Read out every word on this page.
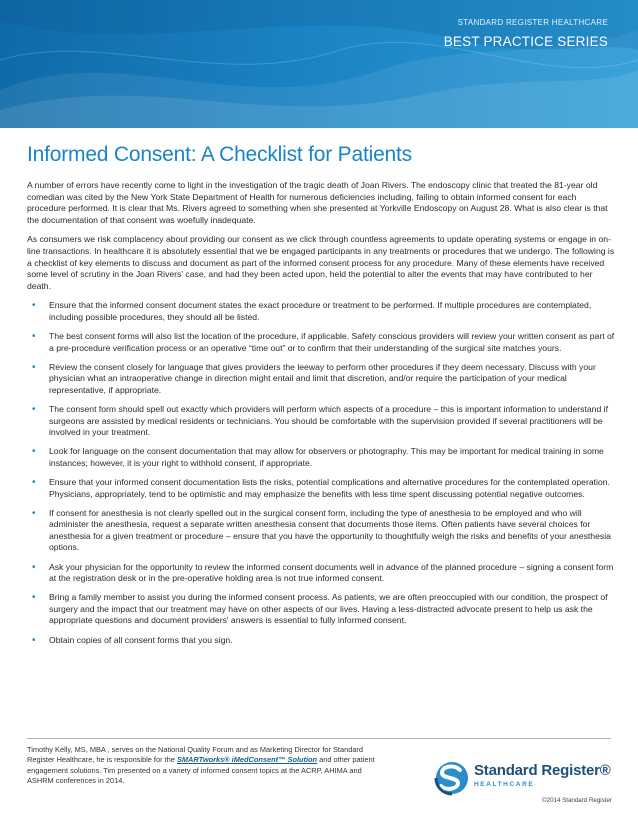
STANDARD REGISTER HEALTHCARE
BEST PRACTICE SERIES
Informed Consent: A Checklist for Patients

A number of errors have recently come to light in the investigation of the tragic death of Joan Rivers. The endoscopy clinic that treated the 81-year old comedian was cited by the New York State Department of Health for numerous deficiencies including, failing to obtain informed consent for each procedure performed. It is clear that Ms. Rivers agreed to something when she presented at Yorkville Endoscopy on August 28. What is also clear is that the documentation of that consent was woefully inadequate.

As consumers we risk complacency about providing our consent as we click through countless agreements to update operating systems or engage in on-line transactions. In healthcare it is absolutely essential that we be engaged participants in any treatments or procedures that we undergo. The following is a checklist of key elements to discuss and document as part of the informed consent process for any procedure. Many of these elements have received some level of scrutiny in the Joan Rivers' case, and had they been acted upon, held the potential to alter the events that may have contributed to her death.

• Ensure that the informed consent document states the exact procedure or treatment to be performed. If multiple procedures are contemplated, including possible procedures, they should all be listed.
• The best consent forms will also list the location of the procedure, if applicable. Safety conscious providers will review your written consent as part of a pre-procedure verification process or an operative “time out” or to confirm that their understanding of the surgical site matches yours.
• Review the consent closely for language that gives providers the leeway to perform other procedures if they deem necessary. Discuss with your physician what an intraoperative change in direction might entail and limit that discretion, and/or require the participation of your medical representative, if appropriate.
• The consent form should spell out exactly which providers will perform which aspects of a procedure – this is important information to understand if surgeons are assisted by medical residents or technicians. You should be comfortable with the supervision provided if several practitioners will be involved in your treatment.
• Look for language on the consent documentation that may allow for observers or photography. This may be important for medical training in some instances; however, it is your right to withhold consent, if appropriate.
• Ensure that your informed consent documentation lists the risks, potential complications and alternative procedures for the contemplated operation. Physicians, appropriately, tend to be optimistic and may emphasize the benefits with less time spent discussing potential negative outcomes.
• If consent for anesthesia is not clearly spelled out in the surgical consent form, including the type of anesthesia to be employed and who will administer the anesthesia, request a separate written anesthesia consent that documents those items. Often patients have several choices for anesthesia for a given treatment or procedure – ensure that you have the opportunity to thoughtfully weigh the risks and benefits of your anesthesia options.
• Ask your physician for the opportunity to review the informed consent documents well in advance of the planned procedure – signing a consent form at the registration desk or in the pre-operative holding area is not true informed consent.
• Bring a family member to assist you during the informed consent process. As patients, we are often preoccupied with our condition, the prospect of surgery and the impact that our treatment may have on other aspects of our lives. Having a less-distracted advocate present to help us ask the appropriate questions and document providers' answers is essential to fully informed consent.
• Obtain copies of all consent forms that you sign.
Timothy Kelly, MS, MBA , serves on the National Quality Forum and as Marketing Director for Standard Register Healthcare, he is responsible for the SMARTworks® iMedConsent™ Solution and other patient engagement solutions. Tim presented on a variety of informed consent topics at the ACRP, AHIMA and ASHRM conferences in 2014.
Standard Register®
HEALTHCARE
©2014 Standard Register
